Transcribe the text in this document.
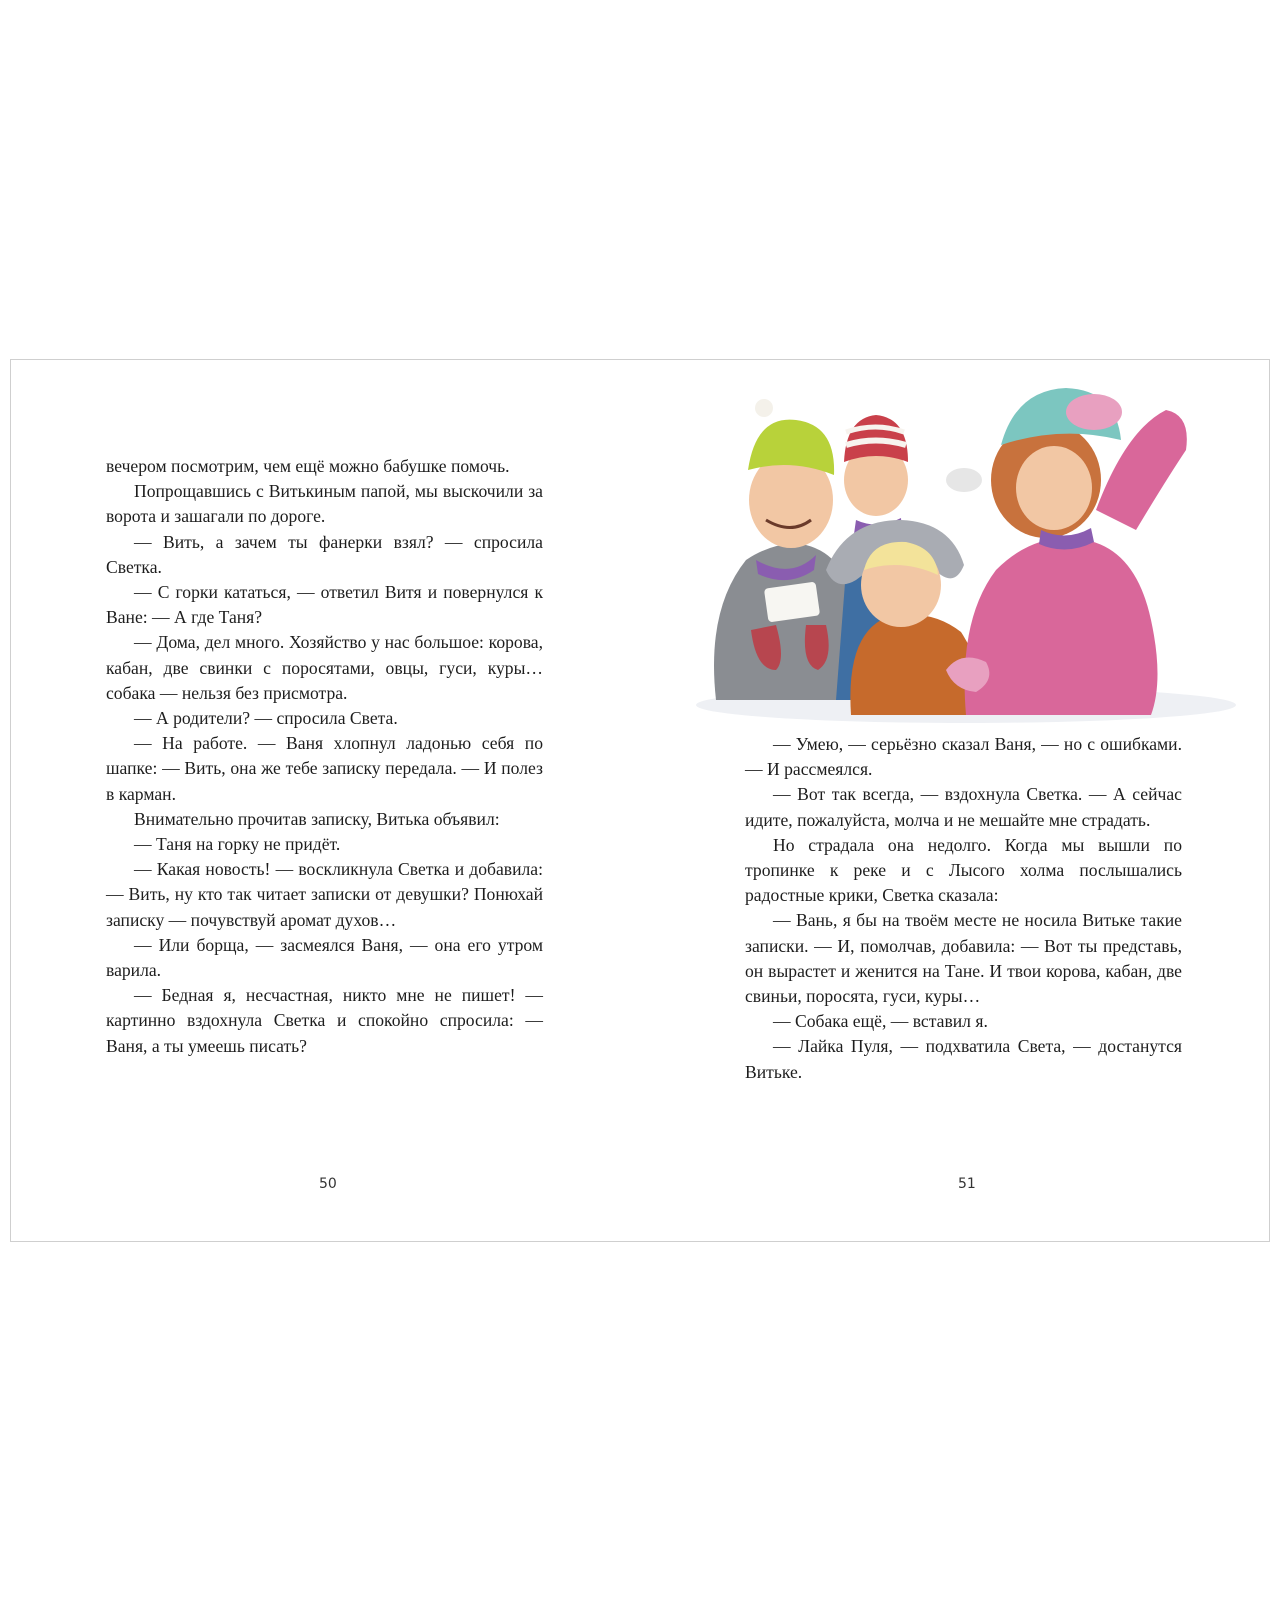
вечером посмотрим, чем ещё можно бабушке помочь.

Попрощавшись с Витькиным папой, мы выскочили за ворота и зашагали по дороге.

— Вить, а зачем ты фанерки взял? — спросила Светка.

— С горки кататься, — ответил Витя и повернулся к Ване: — А где Таня?

— Дома, дел много. Хозяйство у нас большое: корова, кабан, две свинки с поросятами, овцы, гуси, куры… собака — нельзя без присмотра.

— А родители? — спросила Света.

— На работе. — Ваня хлопнул ладонью себя по шапке: — Вить, она же тебе записку передала. — И полез в карман.

Внимательно прочитав записку, Витька объявил:

— Таня на горку не придёт.

— Какая новость! — воскликнула Светка и добавила: — Вить, ну кто так читает записки от девушки? Понюхай записку — почувствуй аромат духов…

— Или борща, — засмеялся Ваня, — она его утром варила.

— Бедная я, несчастная, никто мне не пишет! — картинно вздохнула Светка и спокойно спросила: — Ваня, а ты умеешь писать?

50

— Умею, — серьёзно сказал Ваня, — но с ошибками. — И рассмеялся.

— Вот так всегда, — вздохнула Светка. — А сейчас идите, пожалуйста, молча и не мешайте мне страдать.

Но страдала она недолго. Когда мы вышли по тропинке к реке и с Лысого холма послышались радостные крики, Светка сказала:

— Вань, я бы на твоём месте не носила Витьке такие записки. — И, помолчав, добавила: — Вот ты представь, он вырастет и женится на Тане. И твои корова, кабан, две свиньи, поросята, гуси, куры…

— Собака ещё, — вставил я.

— Лайка Пуля, — подхватила Света, — достанутся Витьке.

51
